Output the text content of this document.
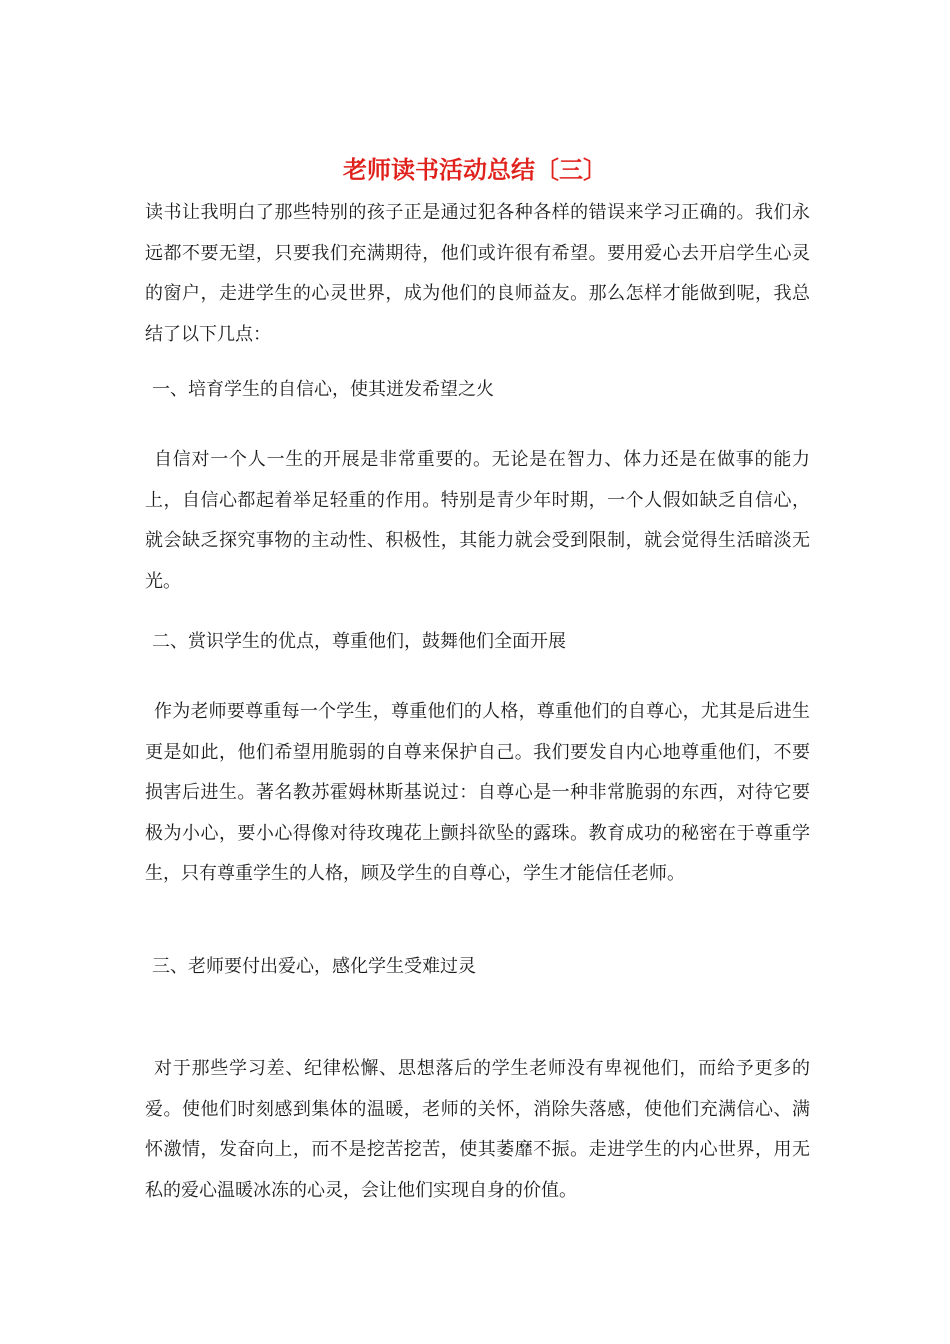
老师读书活动总结〔三〕

读书让我明白了那些特别的孩子正是通过犯各种各样的错误来学习正确的。我们永远都不要无望，只要我们充满期待，他们或许很有希望。要用爱心去开启学生心灵的窗户，走进学生的心灵世界，成为他们的良师益友。那么怎样才能做到呢，我总结了以下几点：

一、培育学生的自信心，使其迸发希望之火

自信对一个人一生的开展是非常重要的。无论是在智力、体力还是在做事的能力上，自信心都起着举足轻重的作用。特别是青少年时期，一个人假如缺乏自信心，就会缺乏探究事物的主动性、积极性，其能力就会受到限制，就会觉得生活暗淡无光。

二、赏识学生的优点，尊重他们，鼓舞他们全面开展

作为老师要尊重每一个学生，尊重他们的人格，尊重他们的自尊心，尤其是后进生更是如此，他们希望用脆弱的自尊来保护自己。我们要发自内心地尊重他们，不要损害后进生。著名教苏霍姆林斯基说过：自尊心是一种非常脆弱的东西，对待它要极为小心，要小心得像对待玫瑰花上颤抖欲坠的露珠。教育成功的秘密在于尊重学生，只有尊重学生的人格，顾及学生的自尊心，学生才能信任老师。

三、老师要付出爱心，感化学生受难过灵

对于那些学习差、纪律松懈、思想落后的学生老师没有卑视他们，而给予更多的爱。使他们时刻感到集体的温暖，老师的关怀，消除失落感，使他们充满信心、满怀激情，发奋向上，而不是挖苦挖苦，使其萎靡不振。走进学生的内心世界，用无私的爱心温暖冰冻的心灵，会让他们实现自身的价值。
